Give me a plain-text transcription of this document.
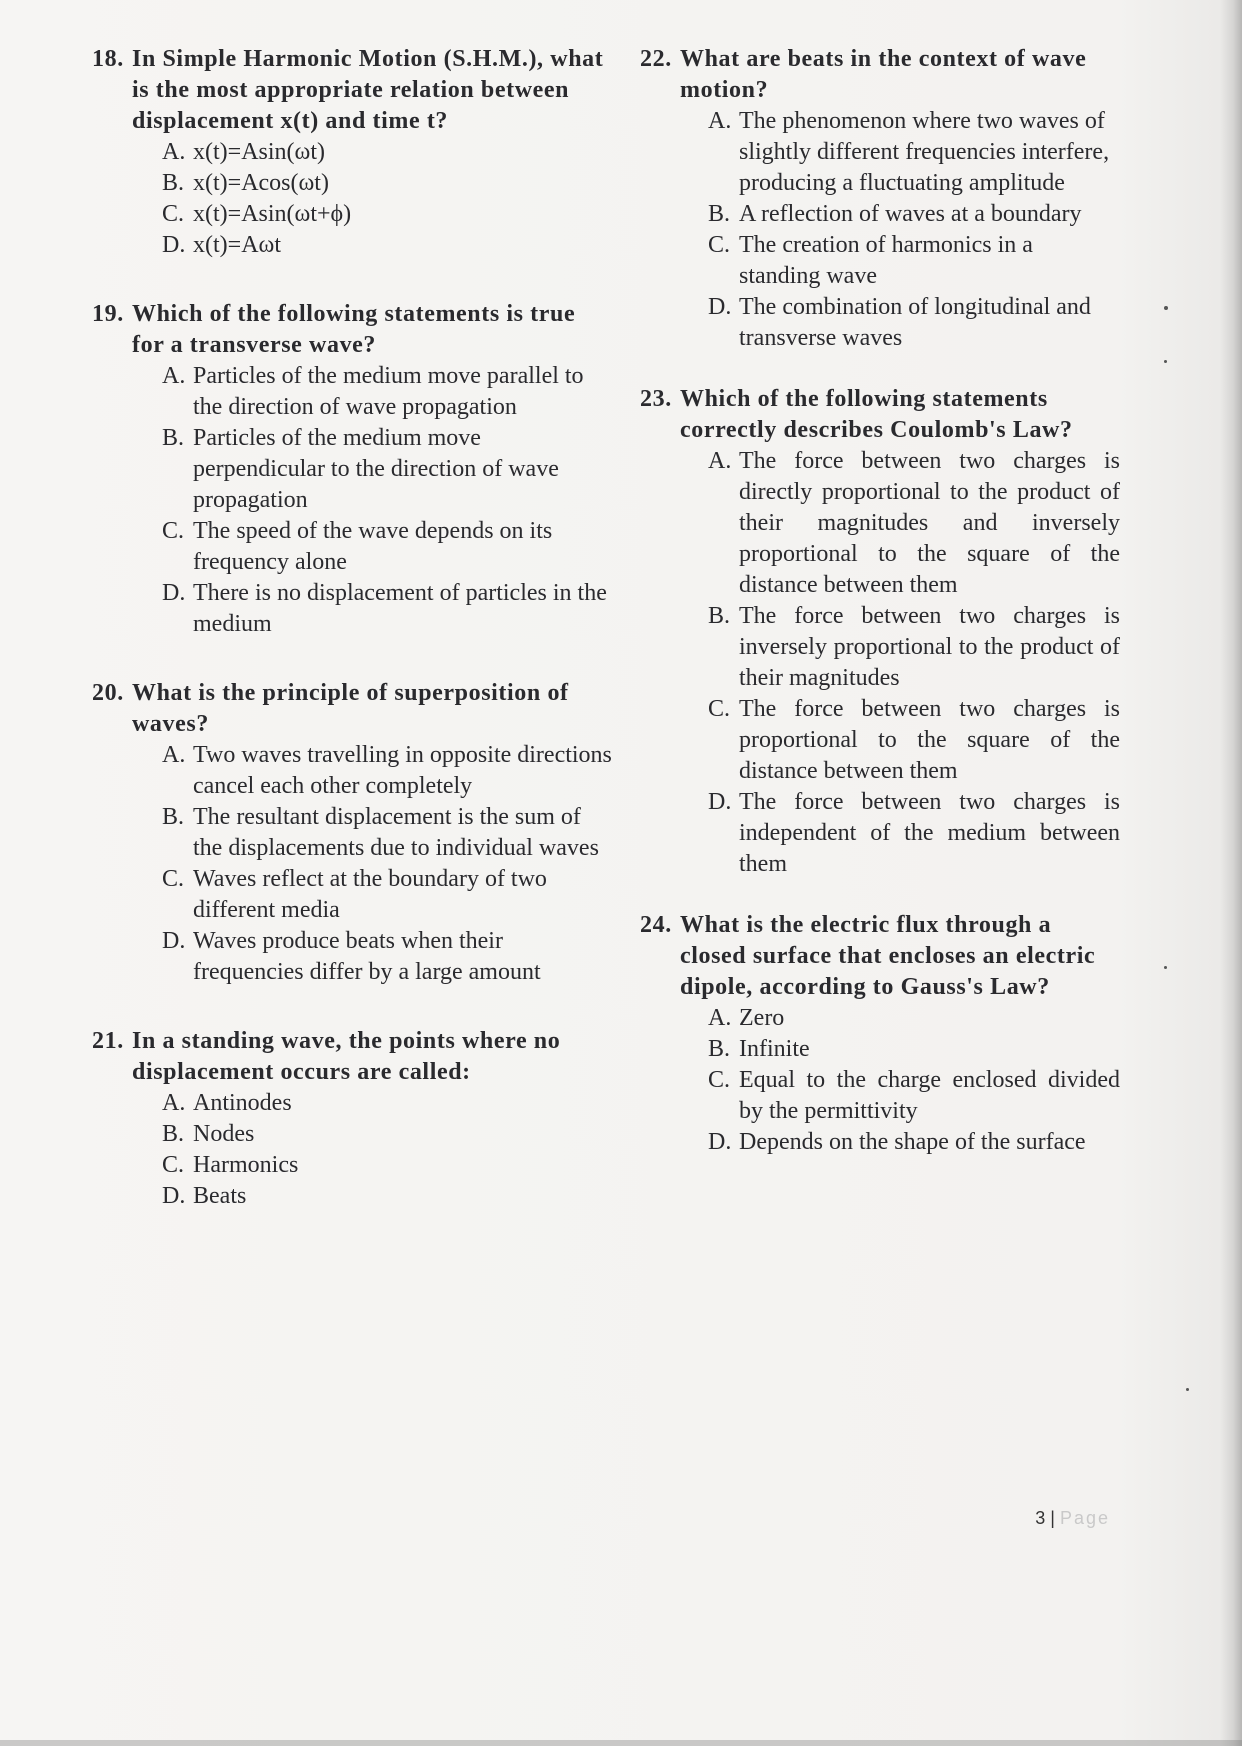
18. In Simple Harmonic Motion (S.H.M.), what is the most appropriate relation between displacement x(t) and time t?
A. x(t)=Asin(ωt)
B. x(t)=Acos(ωt)
C. x(t)=Asin(ωt+ϕ)
D. x(t)=Aωt
19. Which of the following statements is true for a transverse wave?
A. Particles of the medium move parallel to the direction of wave propagation
B. Particles of the medium move perpendicular to the direction of wave propagation
C. The speed of the wave depends on its frequency alone
D. There is no displacement of particles in the medium
20. What is the principle of superposition of waves?
A. Two waves travelling in opposite directions cancel each other completely
B. The resultant displacement is the sum of the displacements due to individual waves
C. Waves reflect at the boundary of two different media
D. Waves produce beats when their frequencies differ by a large amount
21. In a standing wave, the points where no displacement occurs are called:
A. Antinodes
B. Nodes
C. Harmonics
D. Beats
22. What are beats in the context of wave motion?
A. The phenomenon where two waves of slightly different frequencies interfere, producing a fluctuating amplitude
B. A reflection of waves at a boundary
C. The creation of harmonics in a standing wave
D. The combination of longitudinal and transverse waves
23. Which of the following statements correctly describes Coulomb's Law?
A. The force between two charges is directly proportional to the product of their magnitudes and inversely proportional to the square of the distance between them
B. The force between two charges is inversely proportional to the product of their magnitudes
C. The force between two charges is proportional to the square of the distance between them
D. The force between two charges is independent of the medium between them
24. What is the electric flux through a closed surface that encloses an electric dipole, according to Gauss's Law?
A. Zero
B. Infinite
C. Equal to the charge enclosed divided by the permittivity
D. Depends on the shape of the surface
3 | Page
